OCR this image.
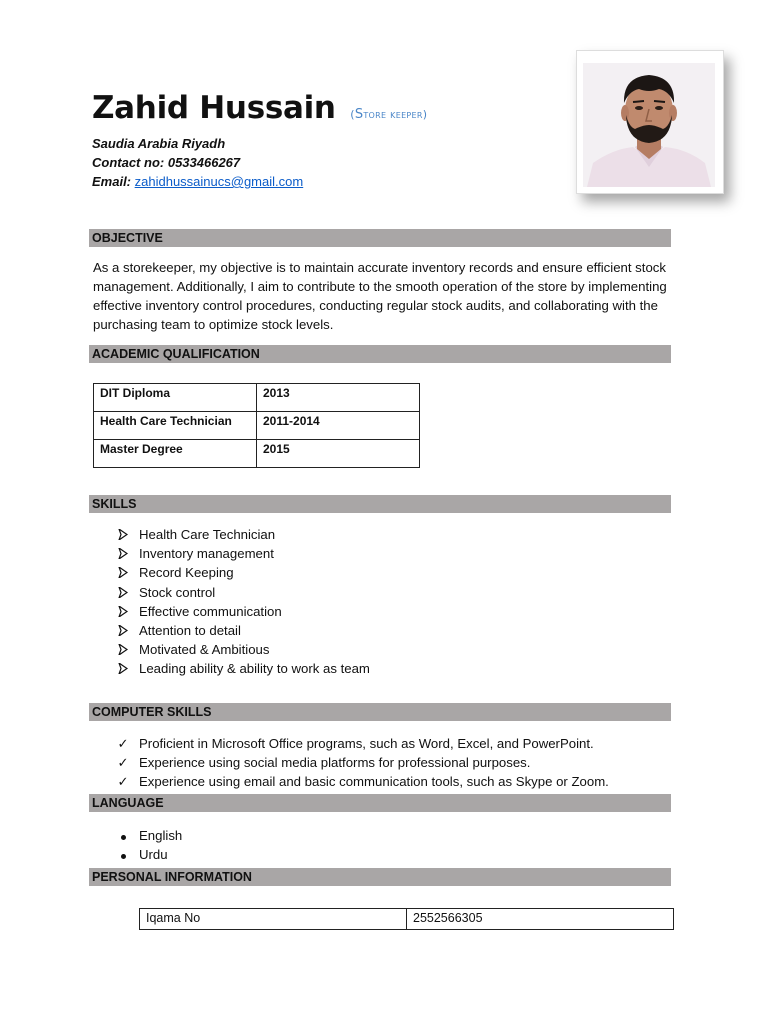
Zahid Hussain (Store keeper)
Saudia Arabia Riyadh
Contact no: 0533466267
Email: zahidhussainucs@gmail.com
OBJECTIVE
As a storekeeper, my objective is to maintain accurate inventory records and ensure efficient stock management. Additionally, I aim to contribute to the smooth operation of the store by implementing effective inventory control procedures, conducting regular stock audits, and collaborating with the purchasing team to optimize stock levels.
ACADEMIC QUALIFICATION
DIT Diploma	2013
Health Care Technician	2011-2014
Master Degree	2015
SKILLS
Health Care Technician
Inventory management
Record Keeping
Stock control
Effective communication
Attention to detail
Motivated & Ambitious
Leading ability & ability to work as team
COMPUTER SKILLS
✓ Proficient in Microsoft Office programs, such as Word, Excel, and PowerPoint.
✓ Experience using social media platforms for professional purposes.
✓ Experience using email and basic communication tools, such as Skype or Zoom.
LANGUAGE
English
Urdu
PERSONAL INFORMATION
Iqama No	2552566305
